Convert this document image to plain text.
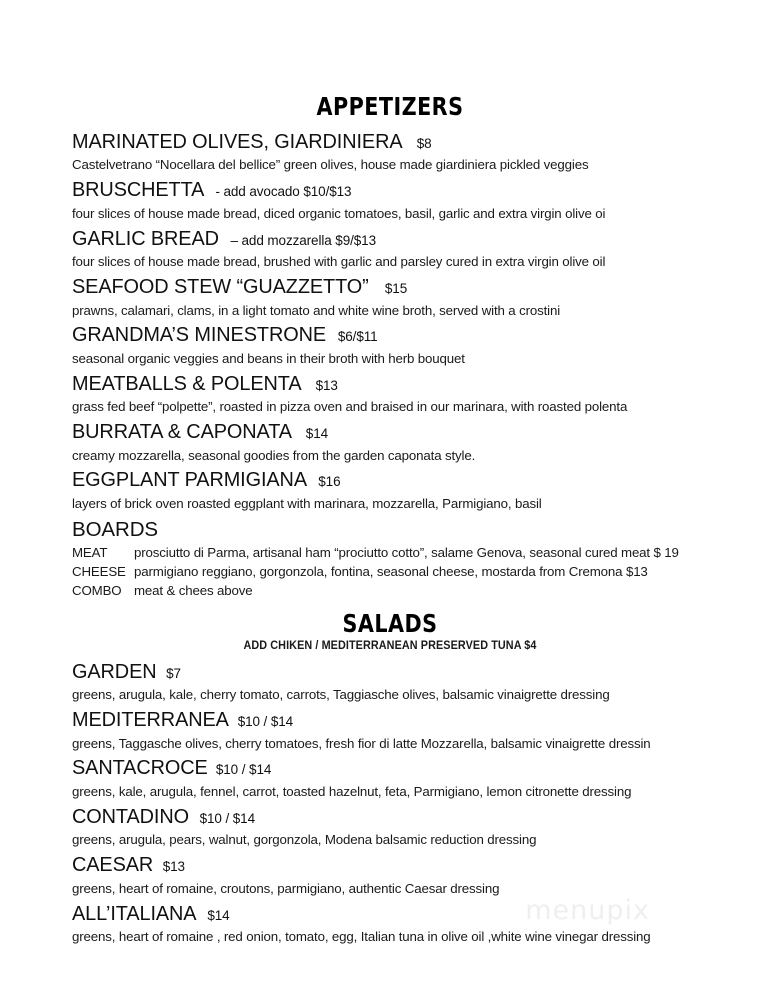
APPETIZERS
MARINATED OLIVES, GIARDINIERA $8
Castelvetrano “Nocellara del bellice” green olives, house made giardiniera pickled veggies
BRUSCHETTA - add avocado $10/$13
four slices of house made bread, diced organic tomatoes, basil, garlic and extra virgin olive oi
GARLIC BREAD – add mozzarella $9/$13
four slices of house made bread, brushed with garlic and parsley cured in extra virgin olive oil
SEAFOOD STEW “GUAZZETTO” $15
prawns, calamari, clams, in a light tomato and white wine broth, served with a crostini
GRANDMA’S MINESTRONE $6/$11
seasonal organic veggies and beans in their broth with herb bouquet
MEATBALLS & POLENTA $13
grass fed beef “polpette”, roasted in pizza oven and braised in our marinara, with roasted polenta
BURRATA & CAPONATA $14
creamy mozzarella, seasonal goodies from the garden caponata style.
EGGPLANT PARMIGIANA $16
layers of brick oven roasted eggplant with marinara, mozzarella, Parmigiano, basil
BOARDS
MEAT prosciutto di Parma, artisanal ham “prociutto cotto”, salame Genova, seasonal cured meat $ 19
CHEESE parmigiano reggiano, gorgonzola, fontina, seasonal cheese, mostarda from Cremona $13
COMBO meat & chees above
SALADS
ADD CHIKEN / MEDITERRANEAN PRESERVED TUNA $4
GARDEN $7
greens, arugula, kale, cherry tomato, carrots, Taggiasche olives, balsamic vinaigrette dressing
MEDITERRANEA $10 / $14
greens, Taggasche olives, cherry tomatoes, fresh fior di latte Mozzarella, balsamic vinaigrette dressin
SANTACROCE $10 / $14
greens, kale, arugula, fennel, carrot, toasted hazelnut, feta, Parmigiano, lemon citronette dressing
CONTADINO $10 / $14
greens, arugula, pears, walnut, gorgonzola, Modena balsamic reduction dressing
CAESAR $13
greens, heart of romaine, croutons, parmigiano, authentic Caesar dressing
ALL’ITALIANA $14
greens, heart of romaine , red onion, tomato, egg, Italian tuna in olive oil ,white wine vinegar dressing
menupix
